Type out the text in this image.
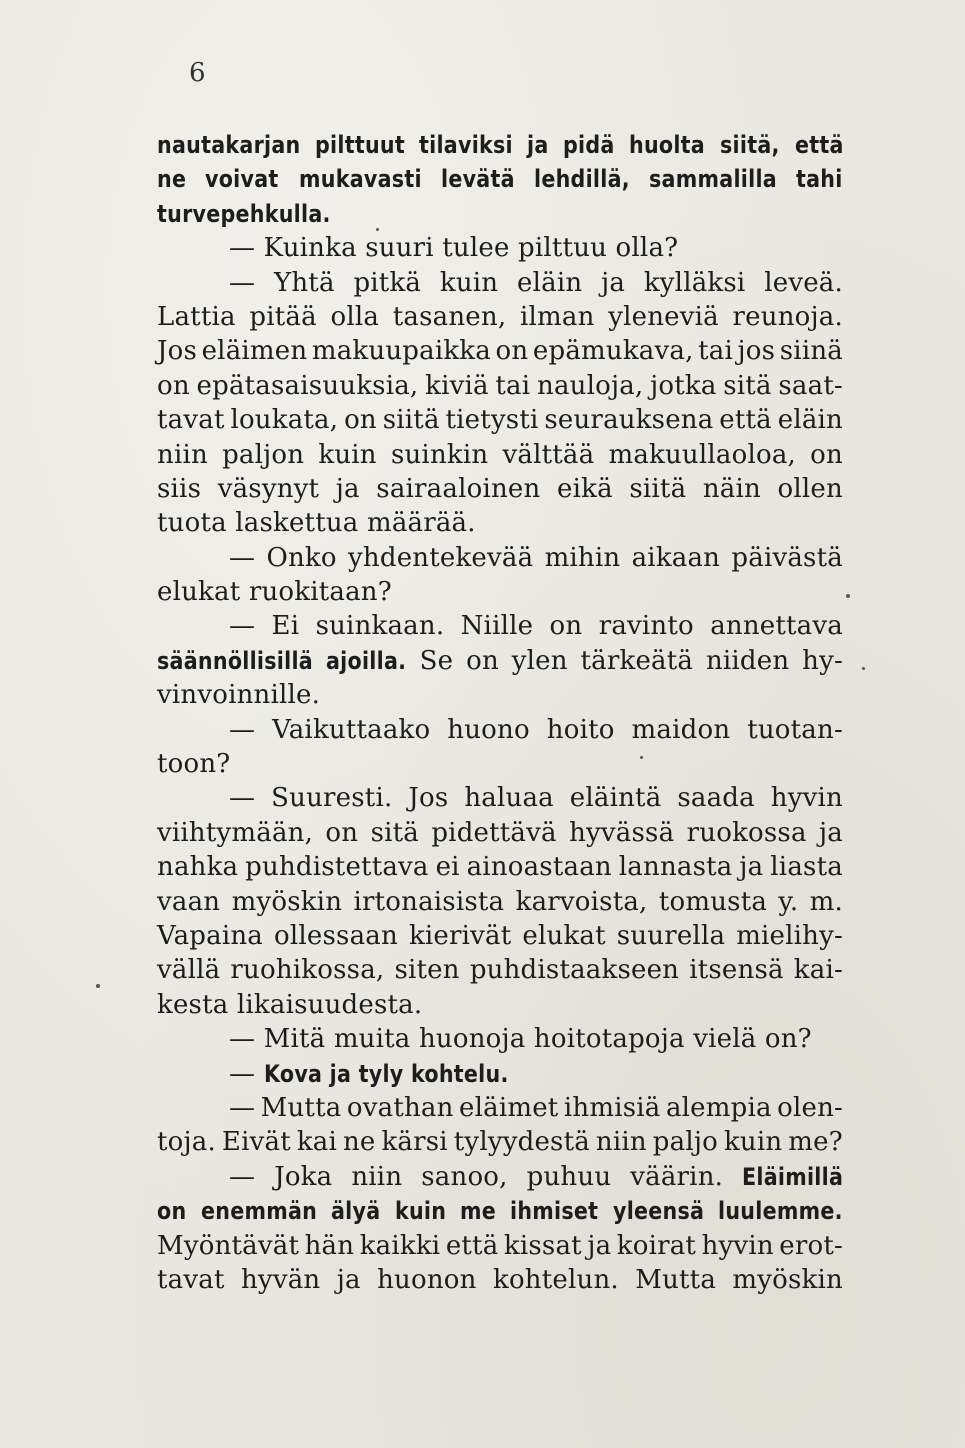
6
nautakarjan pilttuut tilaviksi ja pidä huolta siitä, että
ne voivat mukavasti levätä lehdillä, sammalilla tahi
turvepehkulla.
— Kuinka suuri tulee pilttuu olla?
— Yhtä pitkä kuin eläin ja kylläksi leveä.
Lattia pitää olla tasanen, ilman yleneviä reunoja.
Jos eläimen makuupaikka on epämukava, tai jos siinä
on epätasaisuuksia, kiviä tai nauloja, jotka sitä saat-
tavat loukata, on siitä tietysti seurauksena että eläin
niin paljon kuin suinkin välttää makuullaoloa, on
siis väsynyt ja sairaaloinen eikä siitä näin ollen
tuota laskettua määrää.
— Onko yhdentekevää mihin aikaan päivästä
elukat ruokitaan?
— Ei suinkaan. Niille on ravinto annettava
säännöllisillä ajoilla. Se on ylen tärkeätä niiden hy-
vinvoinnille.
— Vaikuttaako huono hoito maidon tuotan-
toon?
— Suuresti. Jos haluaa eläintä saada hyvin
viihtymään, on sitä pidettävä hyvässä ruokossa ja
nahka puhdistettava ei ainoastaan lannasta ja liasta
vaan myöskin irtonaisista karvoista, tomusta y. m.
Vapaina ollessaan kierivät elukat suurella mielihy-
vällä ruohikossa, siten puhdistaakseen itsensä kai-
kesta likaisuudesta.
— Mitä muita huonoja hoitotapoja vielä on?
— Kova ja tyly kohtelu.
— Mutta ovathan eläimet ihmisiä alempia olen-
toja. Eivät kai ne kärsi tylyydestä niin paljo kuin me?
— Joka niin sanoo, puhuu väärin. Eläimillä
on enemmän älyä kuin me ihmiset yleensä luulemme.
Myöntävät hän kaikki että kissat ja koirat hyvin erot-
tavat hyvän ja huonon kohtelun. Mutta myöskin
